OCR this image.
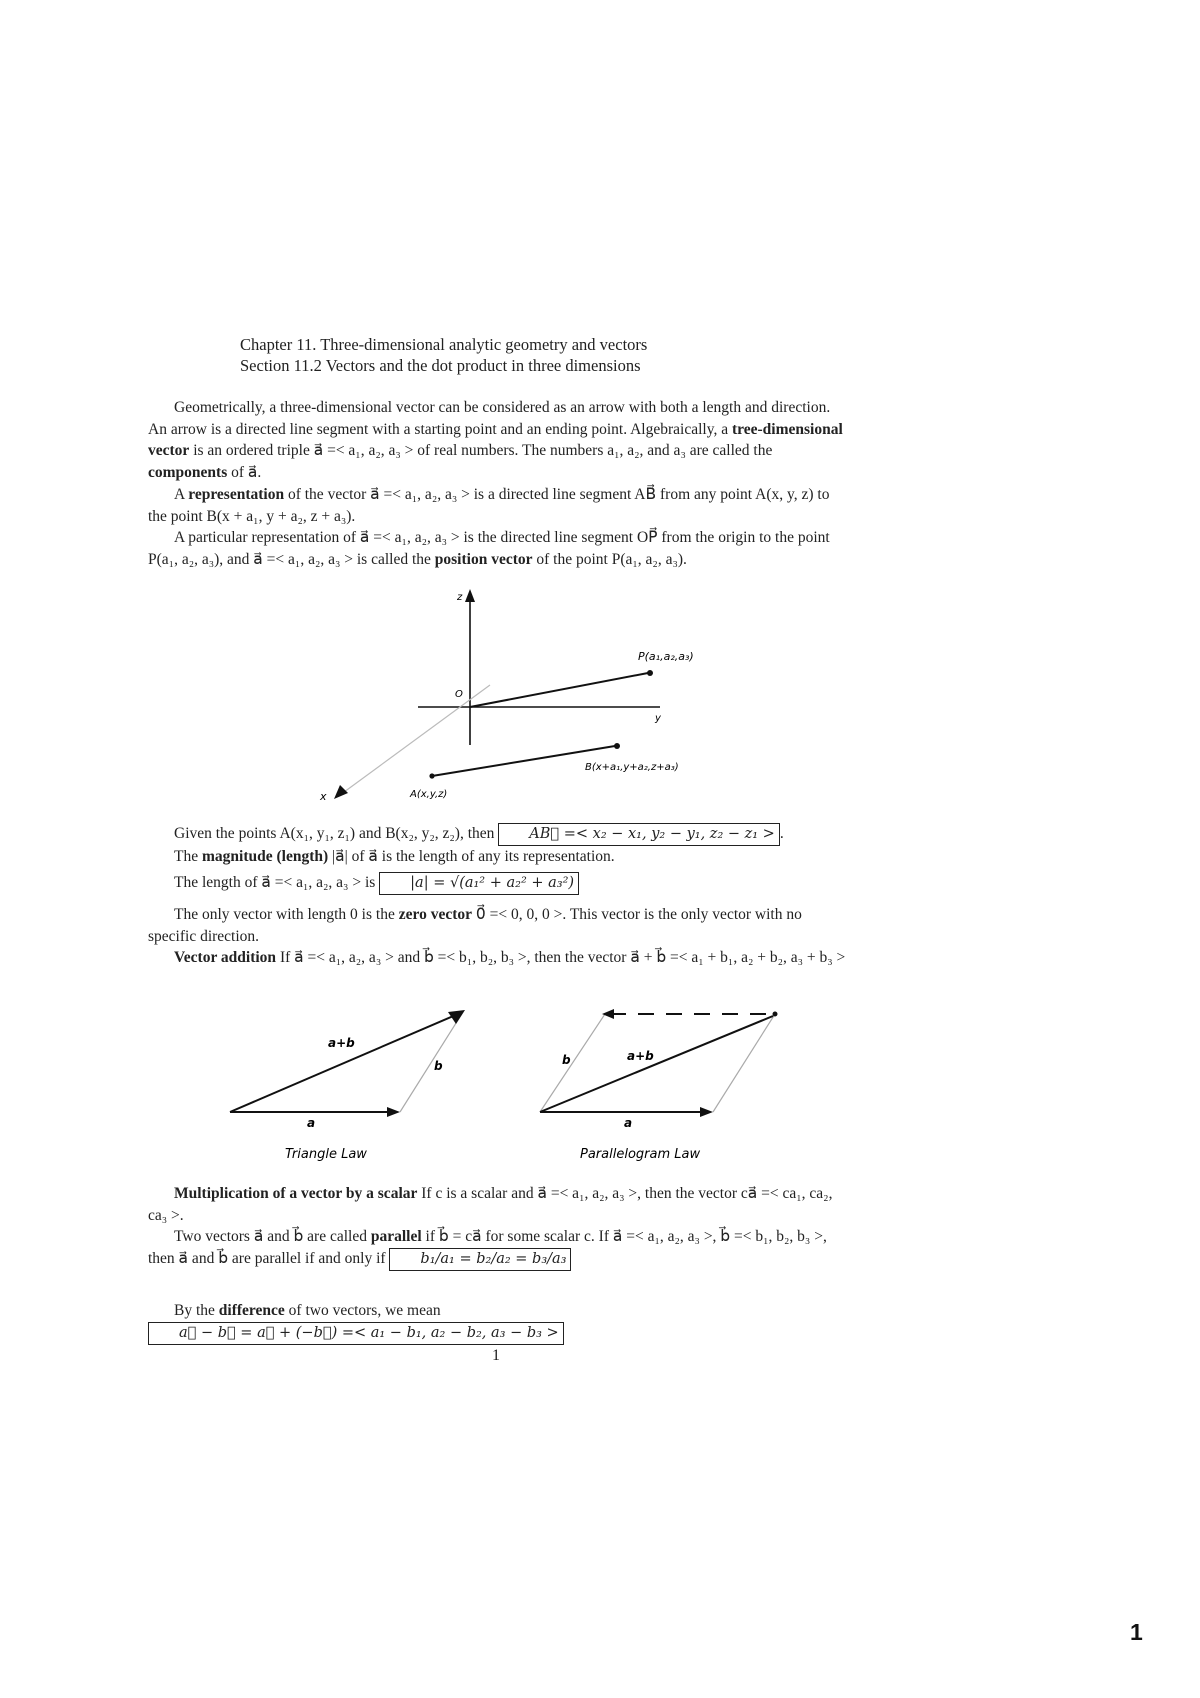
Chapter 11. Three-dimensional analytic geometry and vectors
Section 11.2 Vectors and the dot product in three dimensions
Geometrically, a three-dimensional vector can be considered as an arrow with both a length and direction. An arrow is a directed line segment with a starting point and an ending point. Algebraically, a tree-dimensional vector is an ordered triple a⃗ =< a₁, a₂, a₃ > of real numbers. The numbers a₁, a₂, and a₃ are called the components of a⃗.
A representation of the vector a⃗ =< a₁, a₂, a₃ > is a directed line segment AB⃗ from any point A(x, y, z) to the point B(x + a₁, y + a₂, z + a₃).
A particular representation of a⃗ =< a₁, a₂, a₃ > is the directed line segment OP⃗ from the origin to the point P(a₁, a₂, a₃), and a⃗ =< a₁, a₂, a₃ > is called the position vector of the point P(a₁, a₂, a₃).
z
y
x
O
P(a₁,a₂,a₃)
B(x+a₁,y+a₂,z+a₃)
A(x,y,z)
Given the points A(x₁, y₁, z₁) and B(x₂, y₂, z₂), then AB⃗ =< x₂ − x₁, y₂ − y₁, z₂ − z₁ > .
The magnitude (length) |a⃗| of a⃗ is the length of any its representation.
The length of a⃗ =< a₁, a₂, a₃ > is |a| = √(a₁² + a₂² + a₃²)
The only vector with length 0 is the zero vector 0⃗ =< 0, 0, 0 >. This vector is the only vector with no specific direction.
Vector addition If a⃗ =< a₁, a₂, a₃ > and b⃗ =< b₁, b₂, b₃ >, then the vector a⃗ + b⃗ =< a₁ + b₁, a₂ + b₂, a₃ + b₃ >
a+b
b
a
Triangle Law
b	a+b
a
Parallelogram Law
Multiplication of a vector by a scalar If c is a scalar and a⃗ =< a₁, a₂, a₃ >, then the vector ca⃗ =< ca₁, ca₂, ca₃ >.
Two vectors a⃗ and b⃗ are called parallel if b⃗ = ca⃗ for some scalar c. If a⃗ =< a₁, a₂, a₃ >, b⃗ =< b₁, b₂, b₃ >, then a⃗ and b⃗ are parallel if and only if b₁/a₁ = b₂/a₂ = b₃/a₃
By the difference of two vectors, we mean a⃗ − b⃗ = a⃗ + (−b⃗) =< a₁ − b₁, a₂ − b₂, a₃ − b₃ >
1
1
